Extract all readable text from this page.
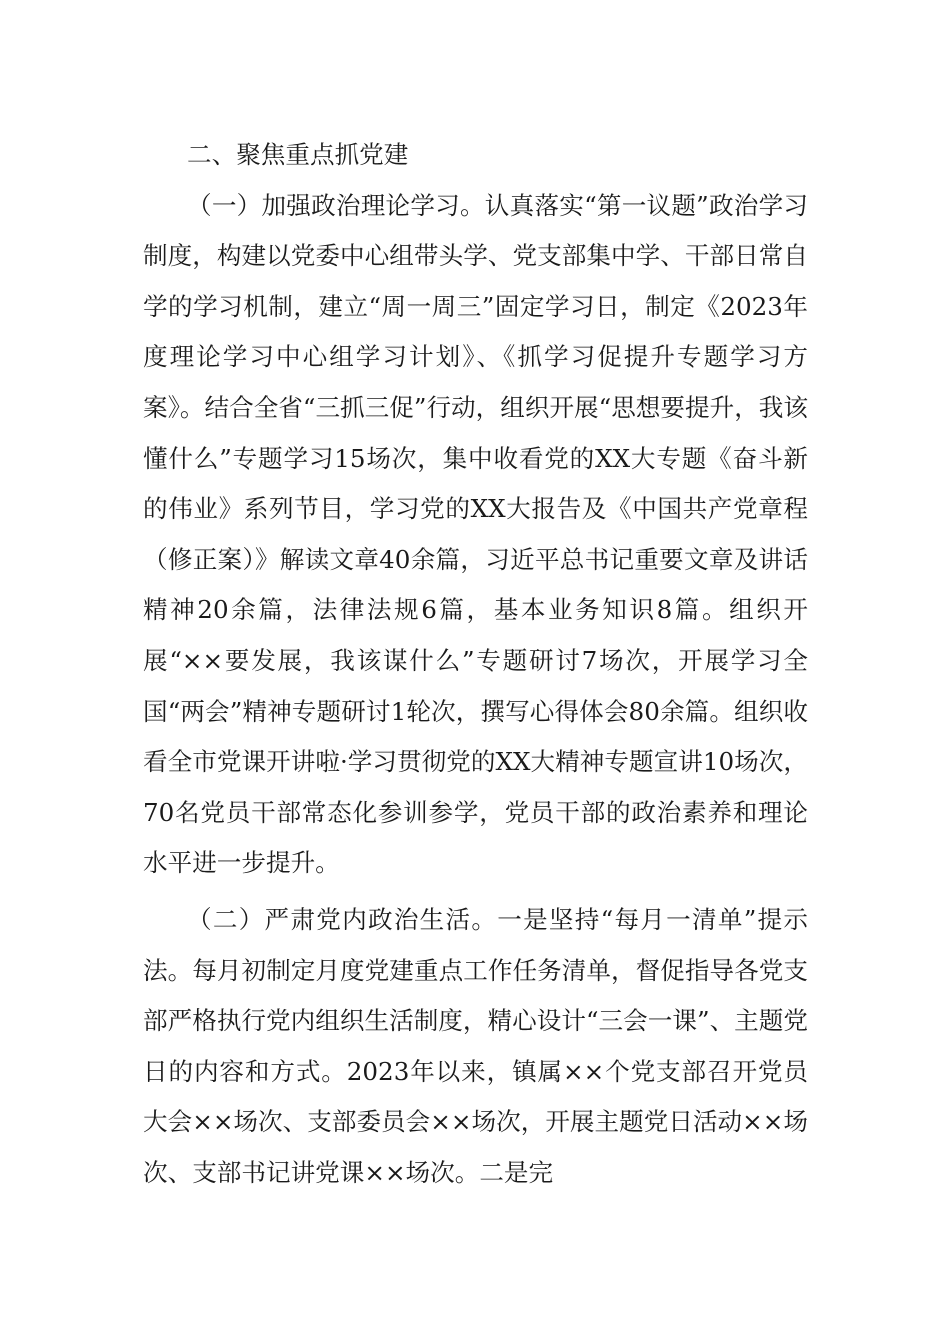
二、聚焦重点抓党建

（一）加强政治理论学习。认真落实“第一议题”政治学习制度，构建以党委中心组带头学、党支部集中学、干部日常自学的学习机制，建立“周一周三”固定学习日，制定《2023年度理论学习中心组学习计划》、《抓学习促提升专题学习方案》。结合全省“三抓三促”行动，组织开展“思想要提升，我该懂什么”专题学习15场次，集中收看党的XX大专题《奋斗新的伟业》系列节目，学习党的XX大报告及《中国共产党章程（修正案）》解读文章40余篇，习近平总书记重要文章及讲话精神20余篇，法律法规6篇，基本业务知识8篇。组织开展“××要发展，我该谋什么”专题研讨7场次，开展学习全国“两会”精神专题研讨1轮次，撰写心得体会80余篇。组织收看全市党课开讲啦·学习贯彻党的XX大精神专题宣讲10场次，70名党员干部常态化参训参学，党员干部的政治素养和理论水平进一步提升。

（二）严肃党内政治生活。一是坚持“每月一清单”提示法。每月初制定月度党建重点工作任务清单，督促指导各党支部严格执行党内组织生活制度，精心设计“三会一课”、主题党日的内容和方式。2023年以来，镇属××个党支部召开党员大会××场次、支部委员会××场次，开展主题党日活动××场次、支部书记讲党课××场次。二是完
